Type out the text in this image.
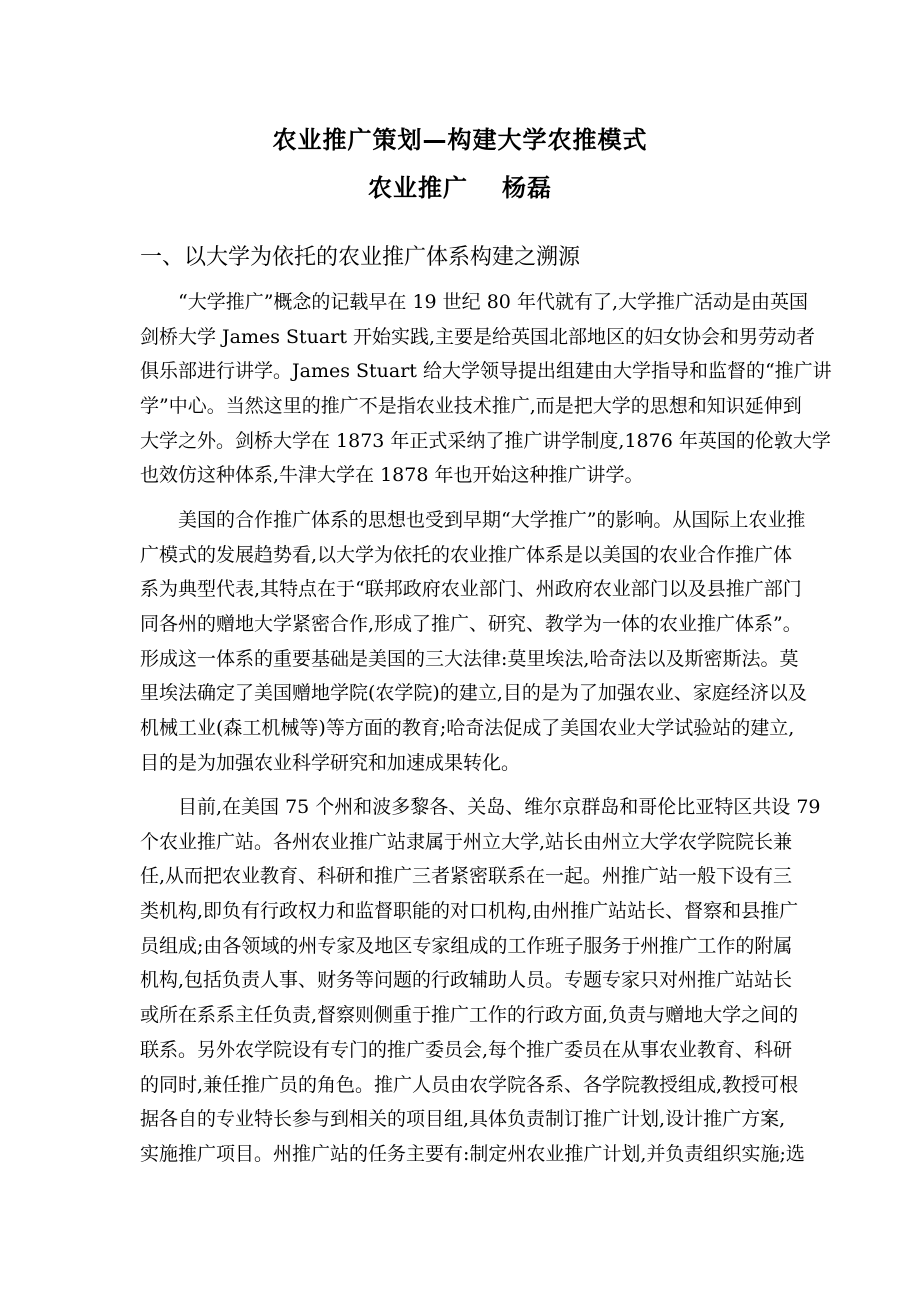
农业推广策划—构建大学农推模式
农业推广 杨磊
一、以大学为依托的农业推广体系构建之溯源
“大学推广”概念的记载早在 19 世纪 80 年代就有了,大学推广活动是由英国
剑桥大学 James Stuart 开始实践,主要是给英国北部地区的妇女协会和男劳动者
俱乐部进行讲学。James Stuart 给大学领导提出组建由大学指导和监督的“推广讲
学”中心。当然这里的推广不是指农业技术推广,而是把大学的思想和知识延伸到
大学之外。剑桥大学在 1873 年正式采纳了推广讲学制度,1876 年英国的伦敦大学
也效仿这种体系,牛津大学在 1878 年也开始这种推广讲学。
美国的合作推广体系的思想也受到早期“大学推广”的影响。从国际上农业推
广模式的发展趋势看,以大学为依托的农业推广体系是以美国的农业合作推广体
系为典型代表,其特点在于“联邦政府农业部门、州政府农业部门以及县推广部门
同各州的赠地大学紧密合作,形成了推广、研究、教学为一体的农业推广体系”。
形成这一体系的重要基础是美国的三大法律:莫里埃法,哈奇法以及斯密斯法。莫
里埃法确定了美国赠地学院(农学院)的建立,目的是为了加强农业、家庭经济以及
机械工业(森工机械等)等方面的教育;哈奇法促成了美国农业大学试验站的建立,
目的是为加强农业科学研究和加速成果转化。
目前,在美国 75 个州和波多黎各、关岛、维尔京群岛和哥伦比亚特区共设 79
个农业推广站。各州农业推广站隶属于州立大学,站长由州立大学农学院院长兼
任,从而把农业教育、科研和推广三者紧密联系在一起。州推广站一般下设有三
类机构,即负有行政权力和监督职能的对口机构,由州推广站站长、督察和县推广
员组成;由各领域的州专家及地区专家组成的工作班子服务于州推广工作的附属
机构,包括负责人事、财务等问题的行政辅助人员。专题专家只对州推广站站长
或所在系系主任负责,督察则侧重于推广工作的行政方面,负责与赠地大学之间的
联系。另外农学院设有专门的推广委员会,每个推广委员在从事农业教育、科研
的同时,兼任推广员的角色。推广人员由农学院各系、各学院教授组成,教授可根
据各自的专业特长参与到相关的项目组,具体负责制订推广计划,设计推广方案,
实施推广项目。州推广站的任务主要有:制定州农业推广计划,并负责组织实施;选
